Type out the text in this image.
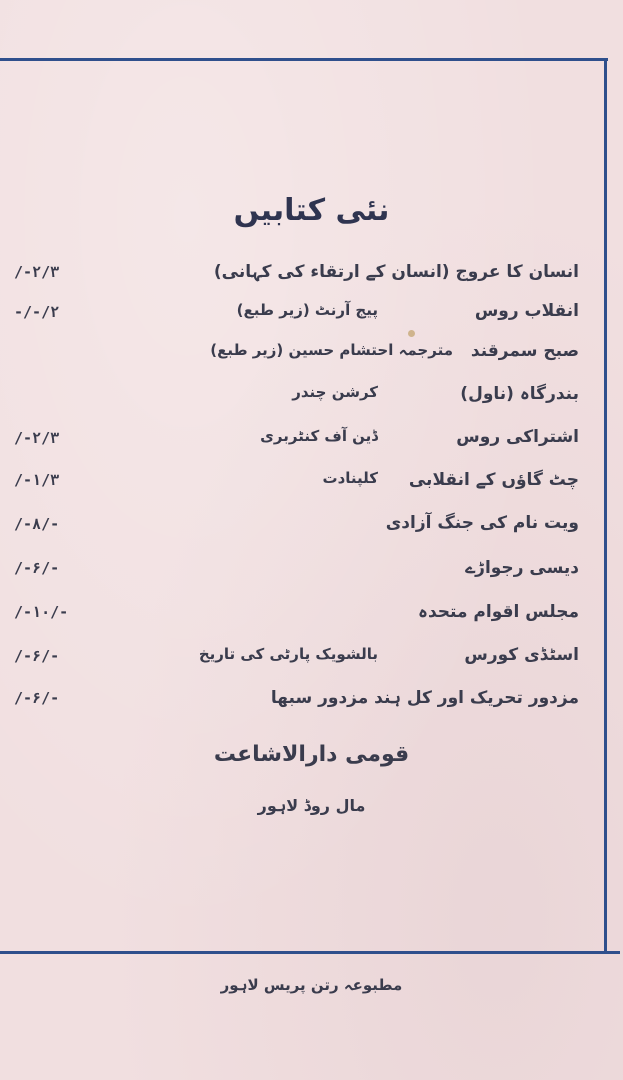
نئی کتابیں
انسان کا عروج (انسان کے ارتقاء کی کہانی)
/-۲/۳
انقلاب روس
پیج آرنٹ (زیر طبع)
-/-/۲
صبح سمرقند
مترجمہ احتشام حسین (زیر طبع)
بندرگاہ (ناول)
کرشن چندر
اشتراکی روس
ڈین آف کنٹربری
/-۲/۳
چٹ گاؤں کے انقلابی
کلپنادت
/-۱/۳
ویت نام کی جنگ آزادی
/-۸/-
دیسی رجواڑے
/-۶/-
مجلس اقوام متحدہ
/-۱۰/-
اسٹڈی کورس
بالشویک پارٹی کی تاریخ
/-۶/-
مزدور تحریک اور کل ہند مزدور سبھا
/-۶/-
قومی دارالاشاعت
مال روڈ لاہور
مطبوعہ رتن پریس لاہور
